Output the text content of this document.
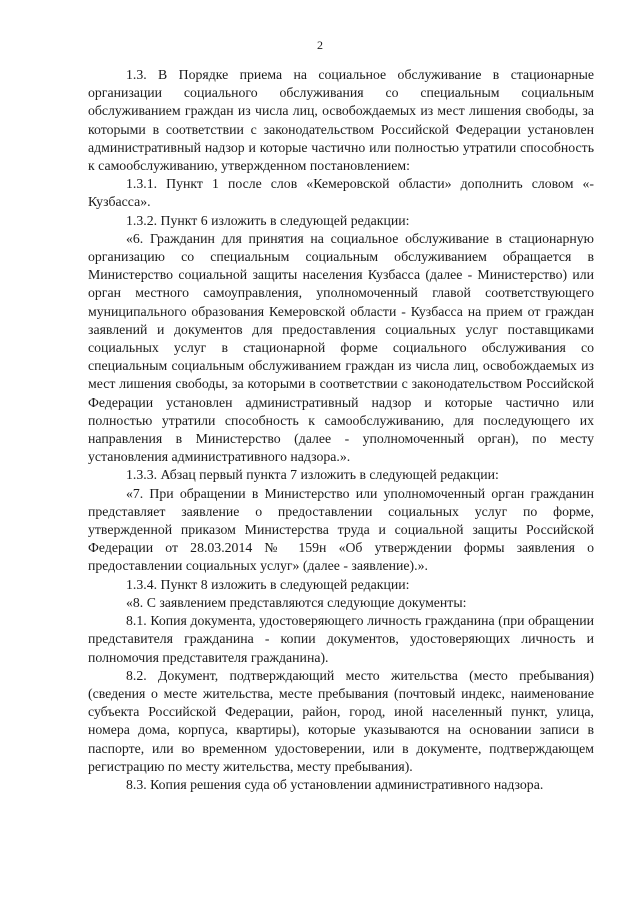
2

1.3. В Порядке приема на социальное обслуживание в стационарные организации социального обслуживания со специальным социальным обслуживанием граждан из числа лиц, освобождаемых из мест лишения свободы, за которыми в соответствии с законодательством Российской Федерации установлен административный надзор и которые частично или полностью утратили способность к самообслуживанию, утвержденном постановлением:

1.3.1. Пункт 1 после слов «Кемеровской области» дополнить словом «- Кузбасса».

1.3.2. Пункт 6 изложить в следующей редакции:

«6. Гражданин для принятия на социальное обслуживание в стационарную организацию со специальным социальным обслуживанием обращается в Министерство социальной защиты населения Кузбасса (далее - Министерство) или орган местного самоуправления, уполномоченный главой соответствующего муниципального образования Кемеровской области - Кузбасса на прием от граждан заявлений и документов для предоставления социальных услуг поставщиками социальных услуг в стационарной форме социального обслуживания со специальным социальным обслуживанием граждан из числа лиц, освобождаемых из мест лишения свободы, за которыми в соответствии с законодательством Российской Федерации установлен административный надзор и которые частично или полностью утратили способность к самообслуживанию, для последующего их направления в Министерство (далее - уполномоченный орган), по месту установления административного надзора.».

1.3.3. Абзац первый пункта 7 изложить в следующей редакции:

«7. При обращении в Министерство или уполномоченный орган гражданин представляет заявление о предоставлении социальных услуг по форме, утвержденной приказом Министерства труда и социальной защиты Российской Федерации от 28.03.2014 № 159н «Об утверждении формы заявления о предоставлении социальных услуг» (далее - заявление).».

1.3.4. Пункт 8 изложить в следующей редакции:

«8. С заявлением представляются следующие документы:

8.1. Копия документа, удостоверяющего личность гражданина (при обращении представителя гражданина - копии документов, удостоверяющих личность и полномочия представителя гражданина).

8.2. Документ, подтверждающий место жительства (место пребывания) (сведения о месте жительства, месте пребывания (почтовый индекс, наименование субъекта Российской Федерации, район, город, иной населенный пункт, улица, номера дома, корпуса, квартиры), которые указываются на основании записи в паспорте, или во временном удостоверении, или в документе, подтверждающем регистрацию по месту жительства, месту пребывания).

8.3. Копия решения суда об установлении административного надзора.
